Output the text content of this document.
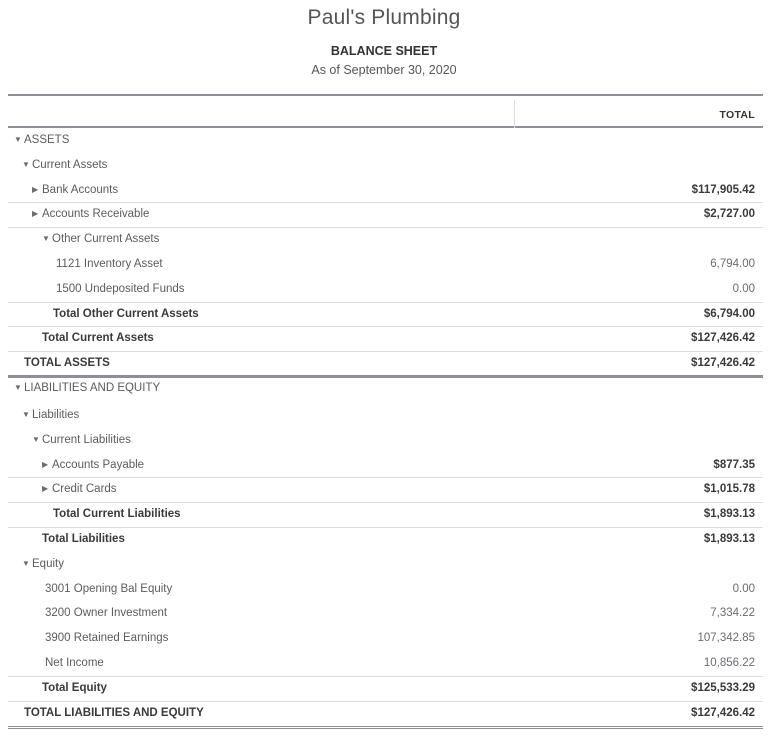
Paul's Plumbing
BALANCE SHEET
As of September 30, 2020
TOTAL
▼ ASSETS
▼ Current Assets
▶ Bank Accounts	$117,905.42
▶ Accounts Receivable	$2,727.00
▼ Other Current Assets
1121 Inventory Asset	6,794.00
1500 Undeposited Funds	0.00
Total Other Current Assets	$6,794.00
Total Current Assets	$127,426.42
TOTAL ASSETS	$127,426.42
▼ LIABILITIES AND EQUITY
▼ Liabilities
▼ Current Liabilities
▶ Accounts Payable	$877.35
▶ Credit Cards	$1,015.78
Total Current Liabilities	$1,893.13
Total Liabilities	$1,893.13
▼ Equity
3001 Opening Bal Equity	0.00
3200 Owner Investment	7,334.22
3900 Retained Earnings	107,342.85
Net Income	10,856.22
Total Equity	$125,533.29
TOTAL LIABILITIES AND EQUITY	$127,426.42
